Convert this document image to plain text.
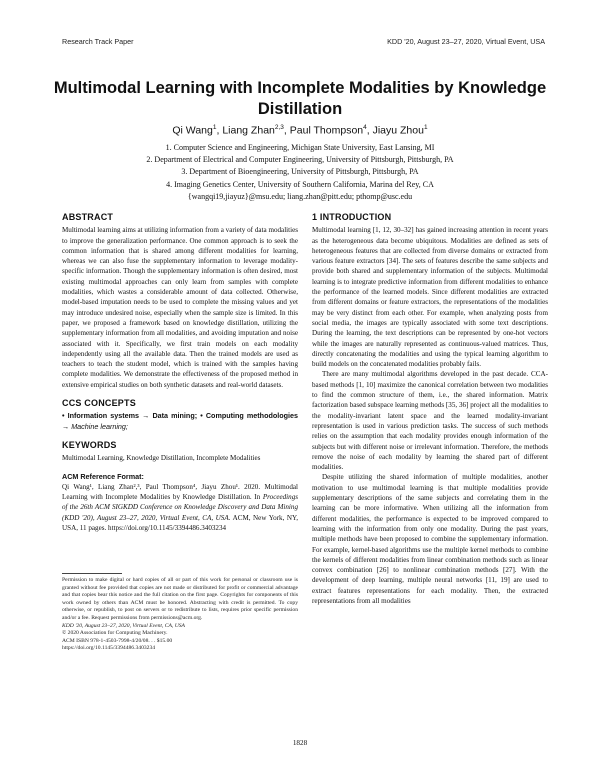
Research Track Paper	KDD '20, August 23–27, 2020, Virtual Event, USA
Multimodal Learning with Incomplete Modalities by Knowledge Distillation
Qi Wang$^1$, Liang Zhan$^{2,3}$, Paul Thompson$^4$, Jiayu Zhou$^1$
1. Computer Science and Engineering, Michigan State University, East Lansing, MI
2. Department of Electrical and Computer Engineering, University of Pittsburgh, Pittsburgh, PA
3. Department of Bioengineering, University of Pittsburgh, Pittsburgh, PA
4. Imaging Genetics Center, University of Southern California, Marina del Rey, CA
{wangqi19,jiayuz}@msu.edu; liang.zhan@pitt.edu; pthomp@usc.edu
ABSTRACT

Multimodal learning aims at utilizing information from a variety of data modalities to improve the generalization performance. One common approach is to seek the common information that is shared among different modalities for learning, whereas we can also fuse the supplementary information to leverage modality-specific information. Though the supplementary information is often desired, most existing multimodal approaches can only learn from samples with complete modalities, which wastes a considerable amount of data collected. Otherwise, model-based imputation needs to be used to complete the missing values and yet may introduce undesired noise, especially when the sample size is limited. In this paper, we proposed a framework based on knowledge distillation, utilizing the supplementary information from all modalities, and avoiding imputation and noise associated with it. Specifically, we first train models on each modality independently using all the available data. Then the trained models are used as teachers to teach the student model, which is trained with the samples having complete modalities. We demonstrate the effectiveness of the proposed method in extensive empirical studies on both synthetic datasets and real-world datasets.

CCS CONCEPTS

• Information systems → Data mining; • Computing methodologies → Machine learning;

KEYWORDS

Multimodal Learning, Knowledge Distillation, Incomplete Modalities

ACM Reference Format:

Qi Wang¹, Liang Zhan²,³, Paul Thompson⁴, Jiayu Zhou¹. 2020. Multimodal Learning with Incomplete Modalities by Knowledge Distillation. In Proceedings of the 26th ACM SIGKDD Conference on Knowledge Discovery and Data Mining (KDD '20), August 23–27, 2020, Virtual Event, CA, USA. ACM, New York, NY, USA, 11 pages. https://doi.org/10.1145/3394486.3403234

Permission to make digital or hard copies of all or part of this work for personal or classroom use is granted without fee provided that copies are not made or distributed for profit or commercial advantage and that copies bear this notice and the full citation on the first page. Copyrights for components of this work owned by others than ACM must be honored. Abstracting with credit is permitted. To copy otherwise, or republish, to post on servers or to redistribute to lists, requires prior specific permission and/or a fee. Request permissions from permissions@acm.org.

KDD '20, August 23–27, 2020, Virtual Event, CA, USA
© 2020 Association for Computing Machinery.
ACM ISBN 978-1-4503-7998-4/20/08. . . $15.00
https://doi.org/10.1145/3394486.3403234
1 INTRODUCTION

Multimodal learning [1, 12, 30–32] has gained increasing attention in recent years as the heterogeneous data become ubiquitous. Modalities are defined as sets of heterogeneous features that are collected from diverse domains or extracted from various feature extractors [34]. The sets of features describe the same subjects and provide both shared and supplementary information of the subjects. Multimodal learning is to integrate predictive information from different modalities to enhance the performance of the learned models. Since different modalities are extracted from different domains or feature extractors, the representations of the modalities may be very distinct from each other. For example, when analyzing posts from social media, the images are typically associated with some text descriptions. During the learning, the text descriptions can be represented by one-hot vectors while the images are naturally represented as continuous-valued matrices. Thus, directly concatenating the modalities and using the typical learning algorithm to build models on the concatenated modalities probably fails.

There are many multimodal algorithms developed in the past decade. CCA-based methods [1, 10] maximize the canonical correlation between two modalities to find the common structure of them, i.e., the shared information. Matrix factorization based subspace learning methods [35, 36] project all the modalities to the modality-invariant latent space and the learned modality-invariant representation is used in various prediction tasks. The success of such methods relies on the assumption that each modality provides enough information of the subjects but with different noise or irrelevant information. Therefore, the methods remove the noise of each modality by learning the shared part of different modalities.

Despite utilizing the shared information of multiple modalities, another motivation to use multimodal learning is that multiple modalities provide supplementary descriptions of the same subjects and correlating them in the learning can be more informative. When utilizing all the information from different modalities, the performance is expected to be improved compared to learning with the information from only one modality. During the past years, multiple methods have been proposed to combine the supplementary information. For example, kernel-based algorithms use the multiple kernel methods to combine the kernels of different modalities from linear combination methods such as linear convex combination [26] to nonlinear combination methods [27]. With the development of deep learning, multiple neural networks [11, 19] are used to extract features representations for each modality. Then, the extracted representations from all modalities

1828
